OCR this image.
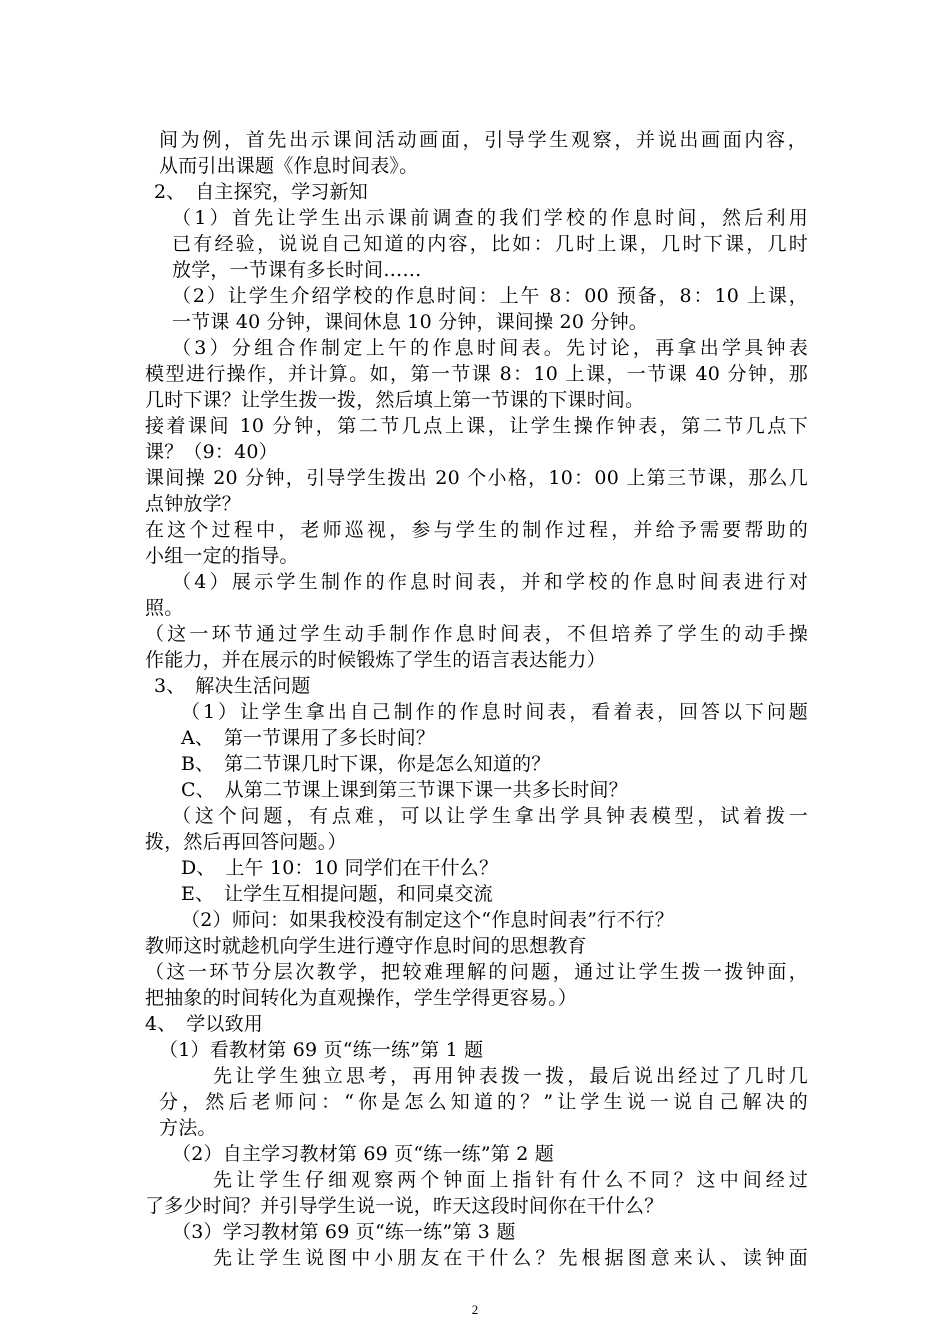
间为例，首先出示课间活动画面，引导学生观察，并说出画面内容，
从而引出课题《作息时间表》。
2、　自主探究，学习新知
（1）首先让学生出示课前调查的我们学校的作息时间，然后利用
已有经验，说说自己知道的内容，比如：几时上课，几时下课，几时
放学，一节课有多长时间……
（2）让学生介绍学校的作息时间：上午 8：00 预备，8：10 上课，
一节课 40 分钟，课间休息 10 分钟，课间操 20 分钟。
（3）分组合作制定上午的作息时间表。先讨论，再拿出学具钟表
模型进行操作，并计算。如，第一节课 8：10 上课，一节课 40 分钟，那
几时下课？让学生拨一拨，然后填上第一节课的下课时间。
接着课间 10 分钟，第二节几点上课，让学生操作钟表，第二节几点下
课？（9：40）
课间操 20 分钟，引导学生拨出 20 个小格，10：00 上第三节课，那么几
点钟放学？
在这个过程中，老师巡视，参与学生的制作过程，并给予需要帮助的
小组一定的指导。
（4）展示学生制作的作息时间表，并和学校的作息时间表进行对
照。
（这一环节通过学生动手制作作息时间表，不但培养了学生的动手操
作能力，并在展示的时候锻炼了学生的语言表达能力）
3、　解决生活问题
（1）让学生拿出自己制作的作息时间表，看着表，回答以下问题
A、　第一节课用了多长时间？
B、　第二节课几时下课，你是怎么知道的？
C、　从第二节课上课到第三节课下课一共多长时间？
（这个问题，有点难，可以让学生拿出学具钟表模型，试着拨一
拨，然后再回答问题。）
D、　上午 10：10 同学们在干什么？
E、　让学生互相提问题，和同桌交流
（2）师问：如果我校没有制定这个“作息时间表”行不行？
教师这时就趁机向学生进行遵守作息时间的思想教育
（这一环节分层次教学，把较难理解的问题，通过让学生拨一拨钟面，
把抽象的时间转化为直观操作，学生学得更容易。）
4、　学以致用
（1）看教材第 69 页“练一练”第 1 题
先让学生独立思考，再用钟表拨一拨，最后说出经过了几时几
分，然后老师问：“你是怎么知道的？”让学生说一说自己解决的
方法。
（2）自主学习教材第 69 页“练一练”第 2 题
先让学生仔细观察两个钟面上指针有什么不同？这中间经过
了多少时间？并引导学生说一说，昨天这段时间你在干什么？
（3）学习教材第 69 页“练一练”第 3 题
先让学生说图中小朋友在干什么？先根据图意来认、读钟面
2
